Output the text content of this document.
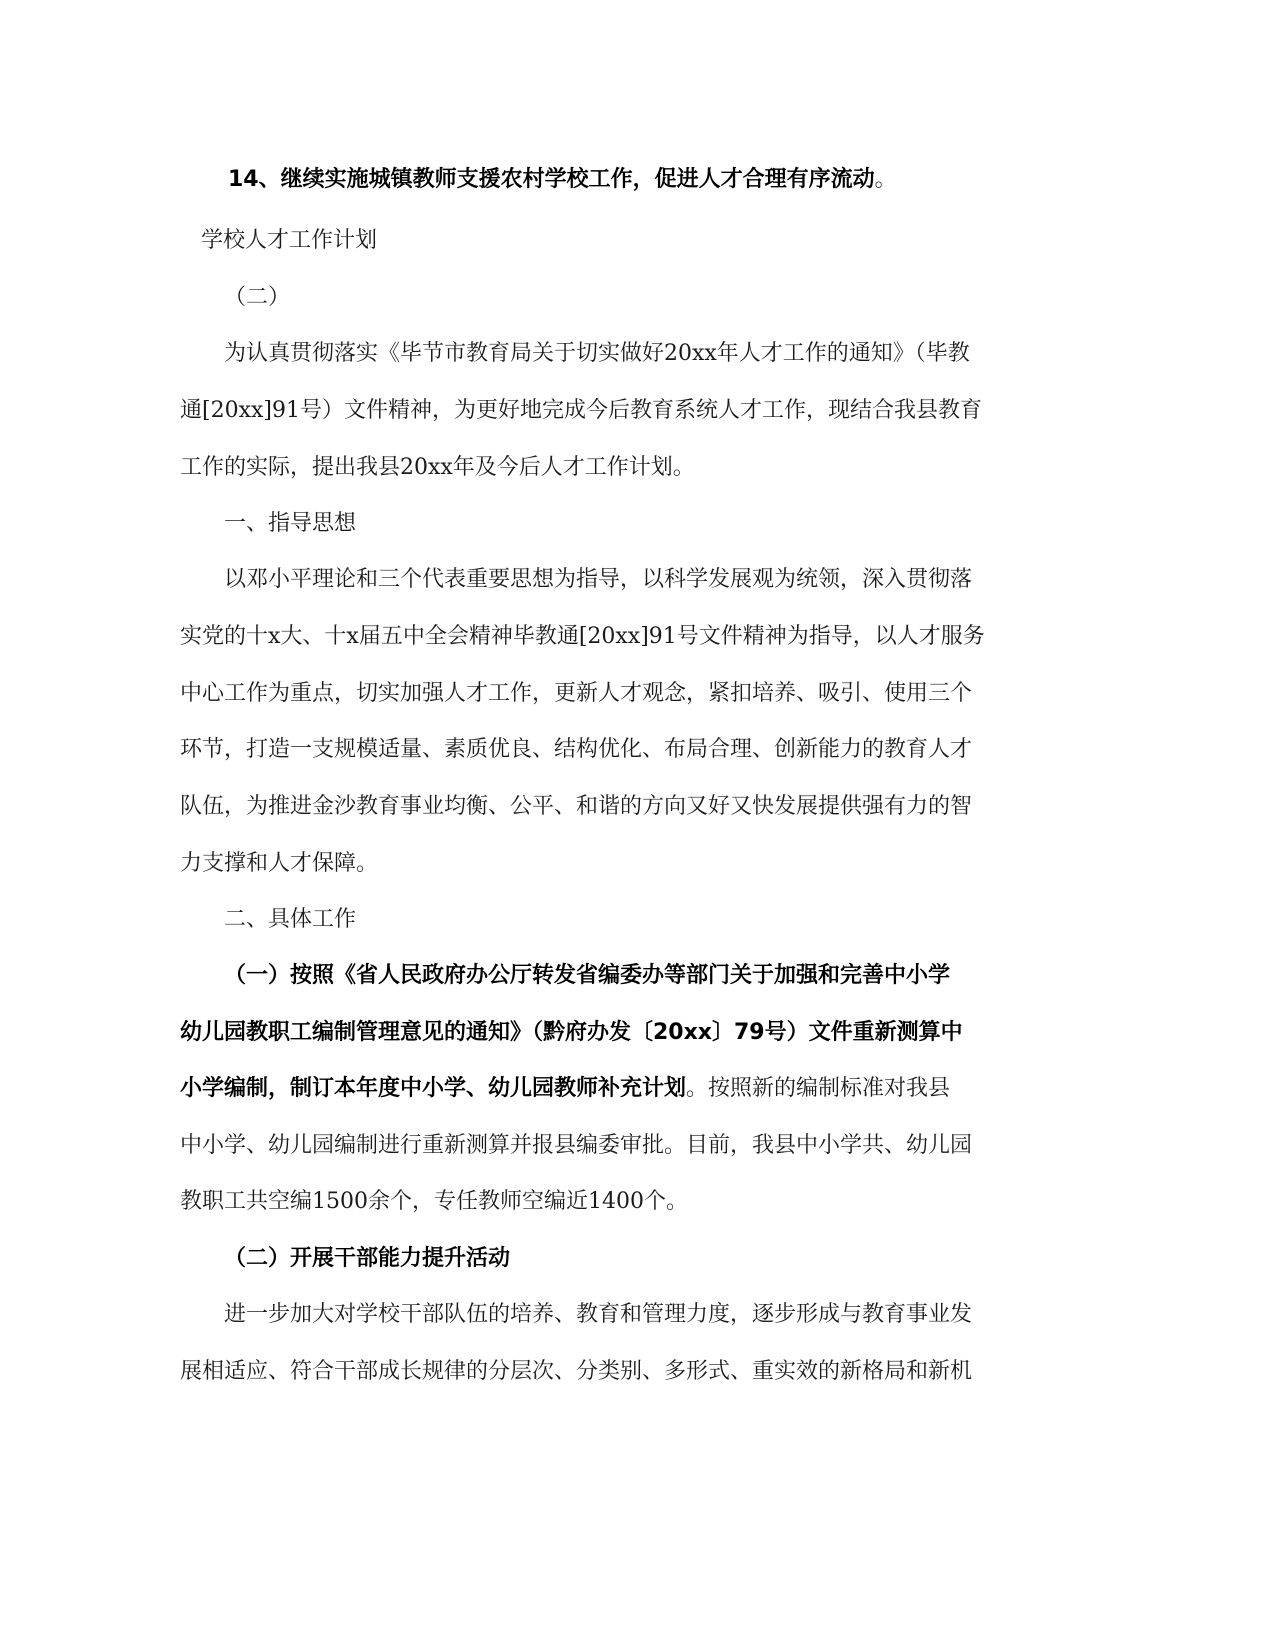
14、继续实施城镇教师支援农村学校工作，促进人才合理有序流动。
学校人才工作计划
（二）
为认真贯彻落实《毕节市教育局关于切实做好20xx年人才工作的通知》（毕教
通[20xx]91号）文件精神，为更好地完成今后教育系统人才工作，现结合我县教育
工作的实际，提出我县20xx年及今后人才工作计划。
一、指导思想
以邓小平理论和三个代表重要思想为指导，以科学发展观为统领，深入贯彻落
实党的十x大、十x届五中全会精神毕教通[20xx]91号文件精神为指导，以人才服务
中心工作为重点，切实加强人才工作，更新人才观念，紧扣培养、吸引、使用三个
环节，打造一支规模适量、素质优良、结构优化、布局合理、创新能力的教育人才
队伍，为推进金沙教育事业均衡、公平、和谐的方向又好又快发展提供强有力的智
力支撑和人才保障。
二、具体工作
（一）按照《省人民政府办公厅转发省编委办等部门关于加强和完善中小学
幼儿园教职工编制管理意见的通知》（黔府办发〔20xx〕79号）文件重新测算中
小学编制，制订本年度中小学、幼儿园教师补充计划。按照新的编制标准对我县
中小学、幼儿园编制进行重新测算并报县编委审批。目前，我县中小学共、幼儿园
教职工共空编1500余个，专任教师空编近1400个。
（二）开展干部能力提升活动
进一步加大对学校干部队伍的培养、教育和管理力度，逐步形成与教育事业发
展相适应、符合干部成长规律的分层次、分类别、多形式、重实效的新格局和新机
